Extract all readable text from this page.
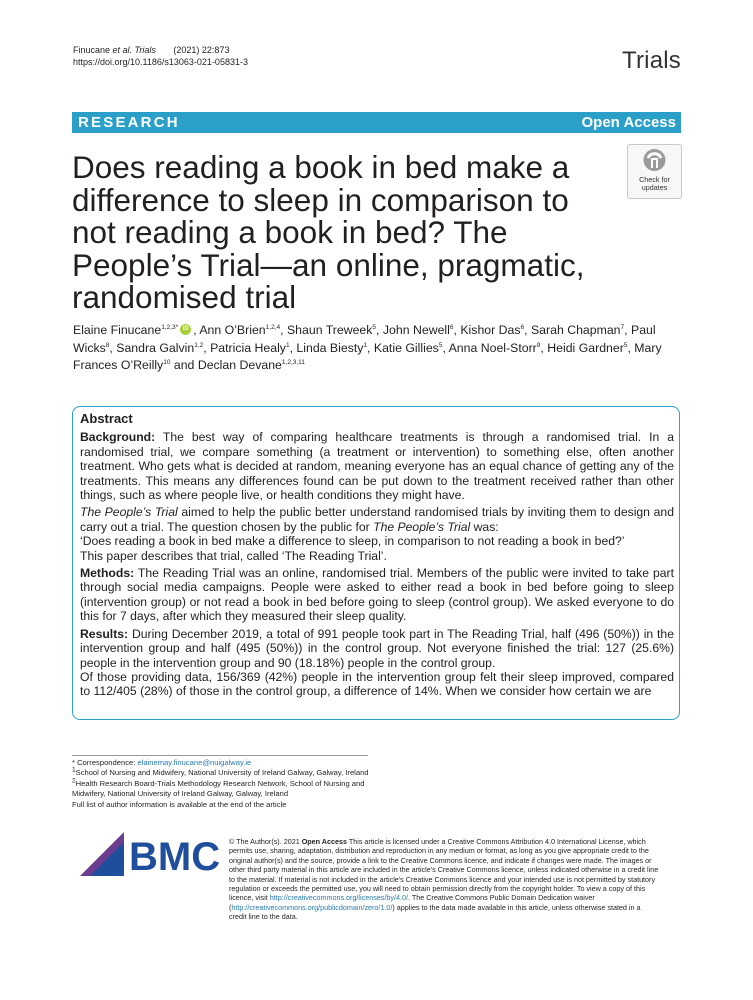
Finucane et al. Trials (2021) 22:873
https://doi.org/10.1186/s13063-021-05831-3	Trials
RESEARCH	Open Access
Does reading a book in bed make a difference to sleep in comparison to not reading a book in bed? The People’s Trial—an online, pragmatic, randomised trial
Check for
updates
Elaine Finucane$^{1,2,3*}$ iD , Ann O’Brien$^{1,2,4}$, Shaun Treweek$^5$, John Newell$^6$, Kishor Das$^6$, Sarah Chapman$^7$, Paul Wicks$^8$, Sandra Galvin$^{1,2}$, Patricia Healy$^1$, Linda Biesty$^1$, Katie Gillies$^5$, Anna Noel-Storr$^9$, Heidi Gardner$^5$, Mary Frances O’Reilly$^{10}$ and Declan Devane$^{1,2,3,11}$
Abstract

Background: The best way of comparing healthcare treatments is through a randomised trial. In a randomised trial, we compare something (a treatment or intervention) to something else, often another treatment. Who gets what is decided at random, meaning everyone has an equal chance of getting any of the treatments. This means any differences found can be put down to the treatment received rather than other things, such as where people live, or health conditions they might have.

The People’s Trial aimed to help the public better understand randomised trials by inviting them to design and carry out a trial. The question chosen by the public for The People’s Trial was:

‘Does reading a book in bed make a difference to sleep, in comparison to not reading a book in bed?’

This paper describes that trial, called ‘The Reading Trial’.

Methods: The Reading Trial was an online, randomised trial. Members of the public were invited to take part through social media campaigns. People were asked to either read a book in bed before going to sleep (intervention group) or not read a book in bed before going to sleep (control group). We asked everyone to do this for 7 days, after which they measured their sleep quality.

Results: During December 2019, a total of 991 people took part in The Reading Trial, half (496 (50%)) in the intervention group and half (495 (50%)) in the control group. Not everyone finished the trial: 127 (25.6%) people in the intervention group and 90 (18.18%) people in the control group.

Of those providing data, 156/369 (42%) people in the intervention group felt their sleep improved, compared to 112/405 (28%) of those in the control group, a difference of 14%. When we consider how certain we are

* Correspondence: elainemay.finucane@nuigalway.ie

$^1$School of Nursing and Midwifery, National University of Ireland Galway, Galway, Ireland

$^2$Health Research Board-Trials Methodology Research Network, School of Nursing and Midwifery, National University of Ireland Galway, Galway, Ireland

Full list of author information is available at the end of the article

BMC © The Author(s). 2021 Open Access This article is licensed under a Creative Commons Attribution 4.0 International License, which permits use, sharing, adaptation, distribution and reproduction in any medium or format, as long as you give appropriate credit to the original author(s) and the source, provide a link to the Creative Commons licence, and indicate if changes were made. The images or other third party material in this article are included in the article's Creative Commons licence, unless indicated otherwise in a credit line to the material. If material is not included in the article's Creative Commons licence and your intended use is not permitted by statutory regulation or exceeds the permitted use, you will need to obtain permission directly from the copyright holder. To view a copy of this licence, visit http://creativecommons.org/licenses/by/4.0/. The Creative Commons Public Domain Dedication waiver (http://creativecommons.org/publicdomain/zero/1.0/) applies to the data made available in this article, unless otherwise stated in a credit line to the data.
